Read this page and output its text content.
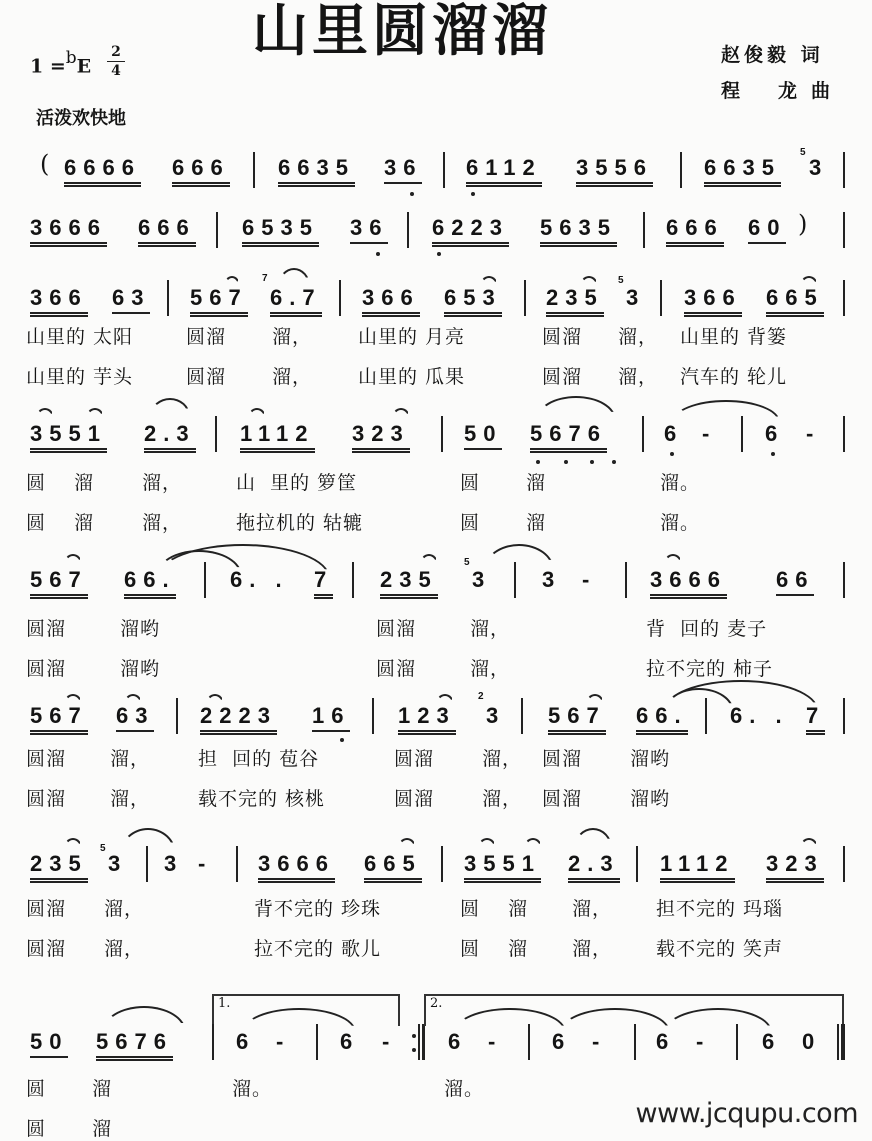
山里圆溜溜
1 =$^b$E
2
4
活泼欢快地
赵俊毅 词
程 龙 曲
( 6666 666 6635 36 6112 3556 6635
5
3
3666 666 6535 36 6223 5635 666 60 )
366 63 567
7
6.7 366 653 235
5
3 366 665
山里的 太阳	圆溜 溜， 山里的 月亮	圆溜 溜， 山里的 背篓
山里的 芋头	圆溜 溜， 山里的 瓜果	圆溜 溜， 汽车的 轮儿
3551 2.3 1112 323 50 5676	6 - 6 -
圆 溜	溜，	山  里的 箩筐	圆 溜	溜。
圆 溜	溜，	拖拉机的 轱辘	圆 溜	溜。
567 66. 6. . 7 235
5
3 3 - 3666 66
圆溜	溜哟	圆溜	溜，	背  回的 麦子
圆溜	溜哟	圆溜	溜，	拉不完的 柿子
567 63 2223 16 123
2
3 567 66. 6. . 7
圆溜 溜，	担  回的 苞谷	圆溜	溜， 圆溜	溜哟
圆溜 溜，	载不完的 核桃	圆溜	溜， 圆溜	溜哟
235
5
3 3 - 3666 665 3551 2.3 1112 323
圆溜 溜，	背不完的 珍珠	圆 溜 溜， 担不完的 玛瑙
圆溜 溜，	拉不完的 歌儿	圆 溜 溜， 载不完的 笑声
50 5676
1.
6 - 6 -
2.
6 - 6 - 6 - 6 0
圆 溜	溜。	溜。
圆 溜	www.jcqupu.com
